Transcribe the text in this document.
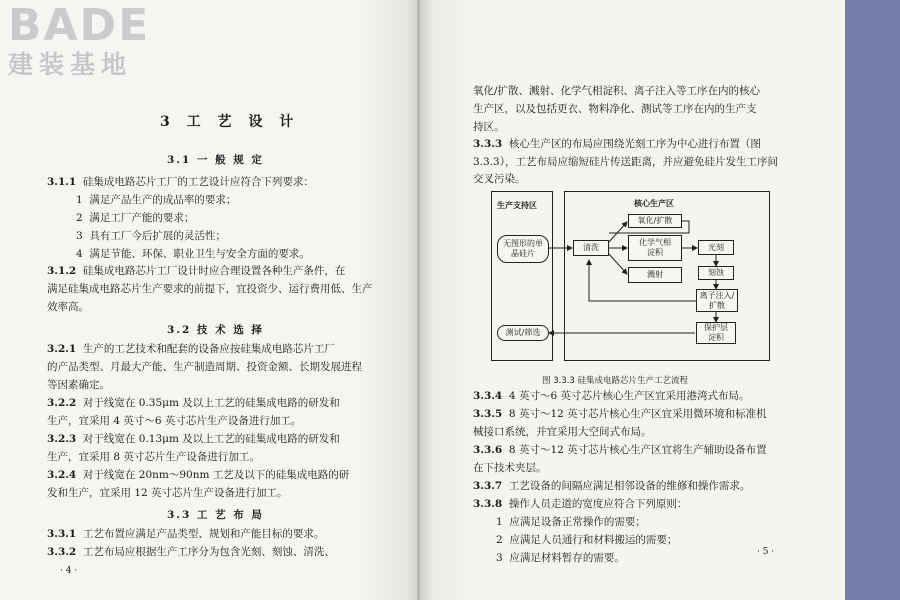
BADE
建装基地
3 工 艺 设 计
3.1 一 般 规 定
3.1.1 硅集成电路芯片工厂的工艺设计应符合下列要求：
1 满足产品生产的成品率的要求；
2 满足工厂产能的要求；
3 具有工厂今后扩展的灵活性；
4 满足节能、环保、职业卫生与安全方面的要求。
3.1.2 硅集成电路芯片工厂设计时应合理设置各种生产条件，在
满足硅集成电路芯片生产要求的前提下，宜投资少、运行费用低、生产
效率高。
3.2 技 术 选 择
3.2.1 生产的工艺技术和配套的设备应按硅集成电路芯片工厂
的产品类型、月最大产能、生产制造周期、投资金额、长期发展进程
等因素确定。
3.2.2 对于线宽在 0.35μm 及以上工艺的硅集成电路的研发和
生产，宜采用 4 英寸～6 英寸芯片生产设备进行加工。
3.2.3 对于线宽在 0.13μm 及以上工艺的硅集成电路的研发和
生产，宜采用 8 英寸芯片生产设备进行加工。
3.2.4 对于线宽在 20nm～90nm 工艺及以下的硅集成电路的研
发和生产，宜采用 12 英寸芯片生产设备进行加工。
3.3 工 艺 布 局
3.3.1 工艺布置应满足产品类型、规划和产能目标的要求。
3.3.2 工艺布局应根据生产工序分为包含光刻、刻蚀、清洗、
· 4 ·
氧化/扩散、溅射、化学气相淀积、离子注入等工序在内的核心
生产区，以及包括更衣、物料净化、测试等工序在内的生产支
持区。
3.3.3 核心生产区的布局应围绕光刻工序为中心进行布置（图
3.3.3），工艺布局应缩短硅片传送距离，并应避免硅片发生工序间
交叉污染。
图 3.3.3 硅集成电路芯片生产工艺流程
3.3.4 4 英寸～6 英寸芯片核心生产区宜采用港湾式布局。
3.3.5 8 英寸～12 英寸芯片核心生产区宜采用微环境和标准机
械接口系统，并宜采用大空间式布局。
3.3.6 8 英寸～12 英寸芯片核心生产区宜将生产辅助设备布置
在下技术夹层。
3.3.7 工艺设备的间隔应满足相邻设备的维修和操作需求。
3.3.8 操作人员走道的宽度应符合下列原则：
1 应满足设备正常操作的需要；
2 应满足人员通行和材料搬运的需要；
3 应满足材料暂存的需要。	· 5 ·
生产支持区	核心生产区
无图形的单
晶硅片
清洗
氧化/扩散
化学气相
淀积
溅射
光刻
刻蚀
离子注入/
扩散
保护层
淀积
测试/筛选
